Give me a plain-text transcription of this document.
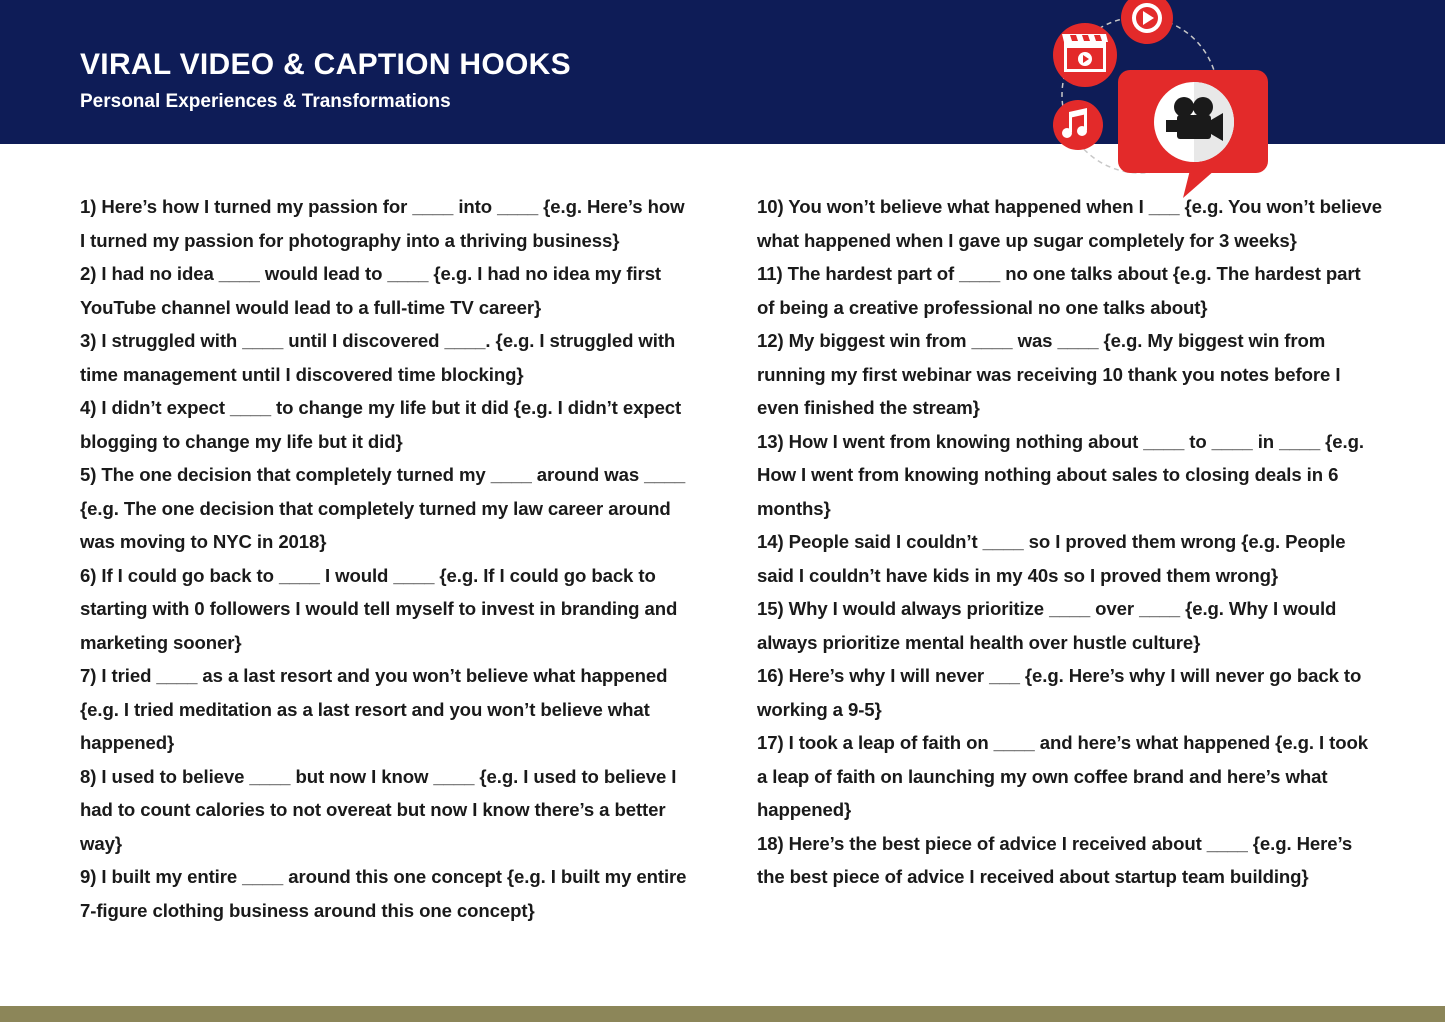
VIRAL VIDEO & CAPTION HOOKS

Personal Experiences & Transformations

1) Here’s how I turned my passion for ____ into ____ {e.g. Here’s how I turned my passion for photography into a thriving business}
2) I had no idea ____ would lead to ____ {e.g. I had no idea my first YouTube channel would lead to a full-time TV career}
3) I struggled with ____ until I discovered ____. {e.g. I struggled with time management until I discovered time blocking}
4) I didn’t expect ____ to change my life but it did {e.g. I didn’t expect blogging to change my life but it did}
5) The one decision that completely turned my ____ around was ____ {e.g. The one decision that completely turned my law career around was moving to NYC in 2018}
6) If I could go back to ____ I would ____ {e.g. If I could go back to starting with 0 followers I would tell myself to invest in branding and marketing sooner}
7) I tried ____ as a last resort and you won’t believe what happened {e.g. I tried meditation as a last resort and you won’t believe what happened}
8) I used to believe ____ but now I know ____ {e.g. I used to believe I had to count calories to not overeat but now I know there’s a better way}
9) I built my entire ____ around this one concept {e.g. I built my entire 7-figure clothing business around this one concept}
10) You won’t believe what happened when I ___ {e.g. You won’t believe what happened when I gave up sugar completely for 3 weeks}
11) The hardest part of ____ no one talks about {e.g. The hardest part of being a creative professional no one talks about}
12) My biggest win from ____ was ____ {e.g. My biggest win from running my first webinar was receiving 10 thank you notes before I even finished the stream}
13) How I went from knowing nothing about ____ to ____ in ____ {e.g. How I went from knowing nothing about sales to closing deals in 6 months}
14) People said I couldn’t ____ so I proved them wrong {e.g. People said I couldn’t have kids in my 40s so I proved them wrong}
15) Why I would always prioritize ____ over ____ {e.g. Why I would always prioritize mental health over hustle culture}
16) Here’s why I will never ___ {e.g. Here’s why I will never go back to working a 9-5}
17) I took a leap of faith on ____ and here’s what happened {e.g. I took a leap of faith on launching my own coffee brand and here’s what happened}
18) Here’s the best piece of advice I received about ____ {e.g. Here’s the best piece of advice I received about startup team building}
